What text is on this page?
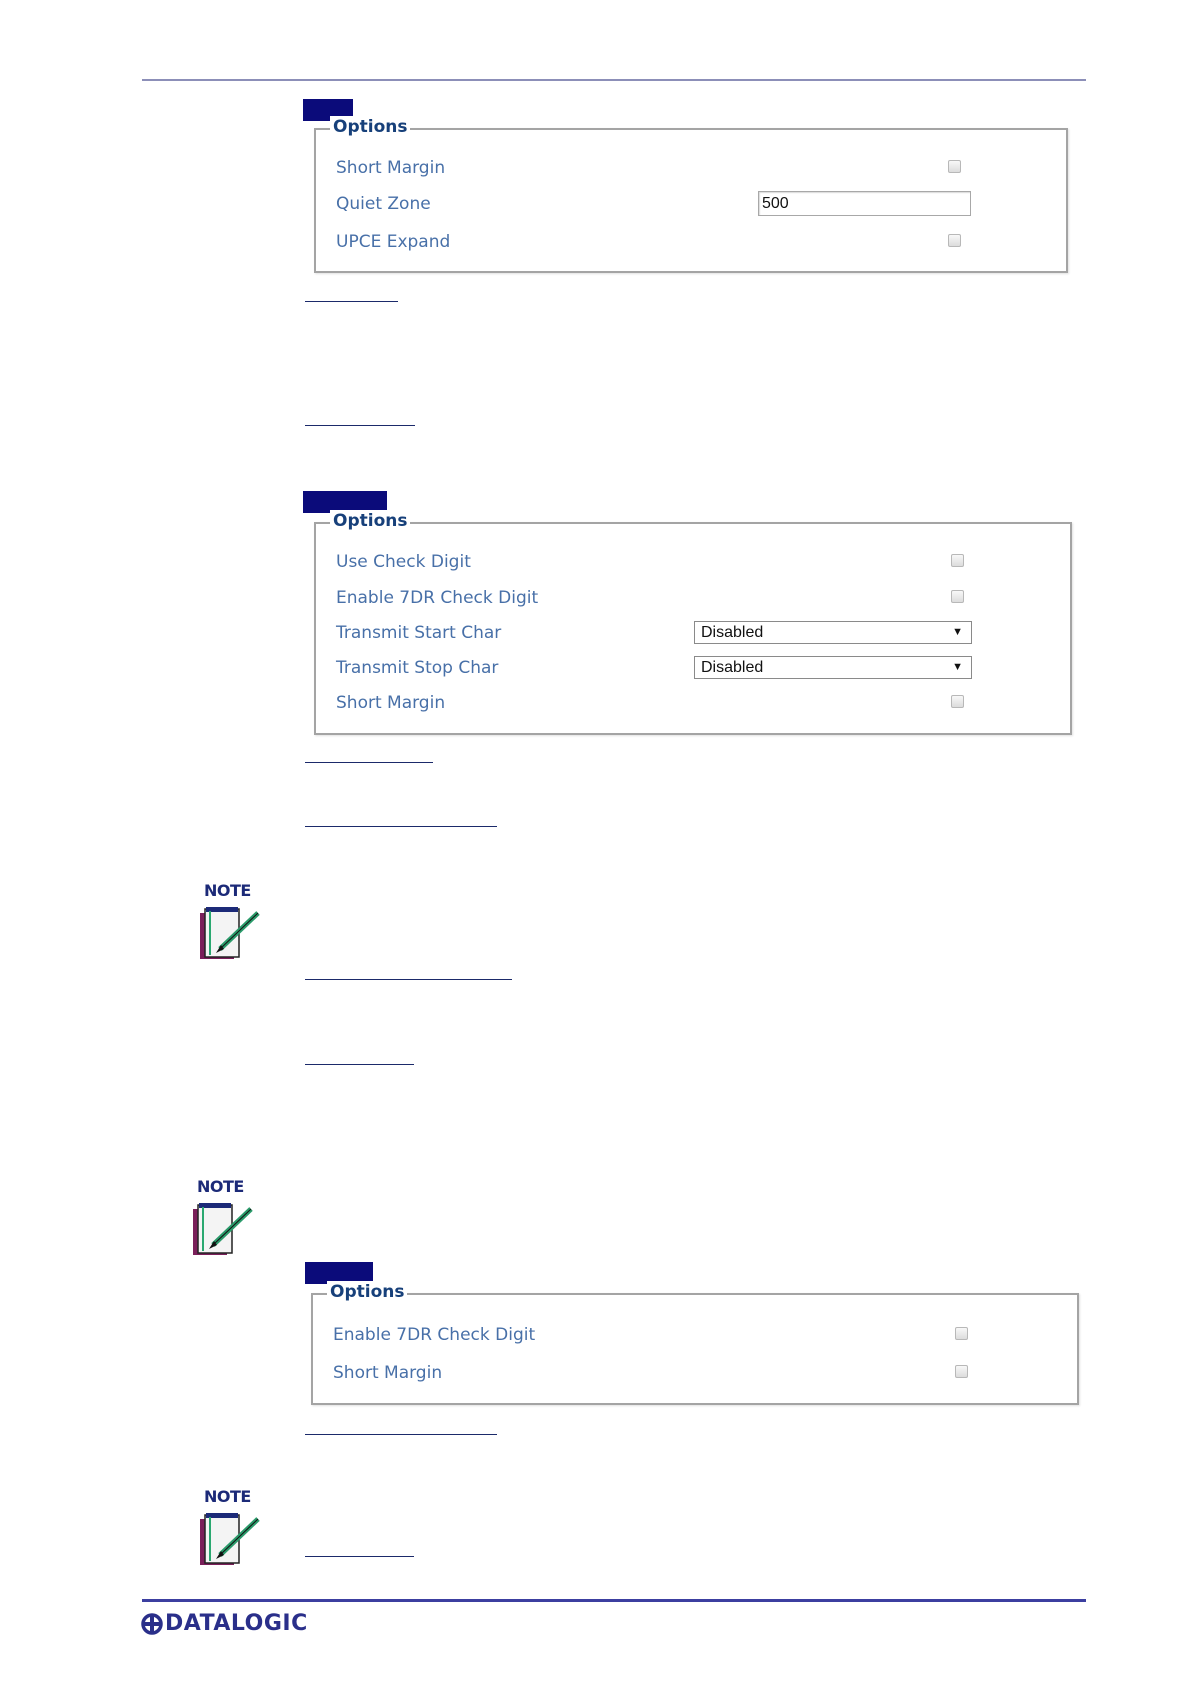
Options
Short Margin
Quiet Zone	500
UPCE Expand
Options
Use Check Digit
Enable 7DR Check Digit
Transmit Start Char	Disabled	▼
Transmit Stop Char	Disabled	▼
Short Margin
NOTE
NOTE
Options
Enable 7DR Check Digit
Short Margin
NOTE
DATALOGIC
